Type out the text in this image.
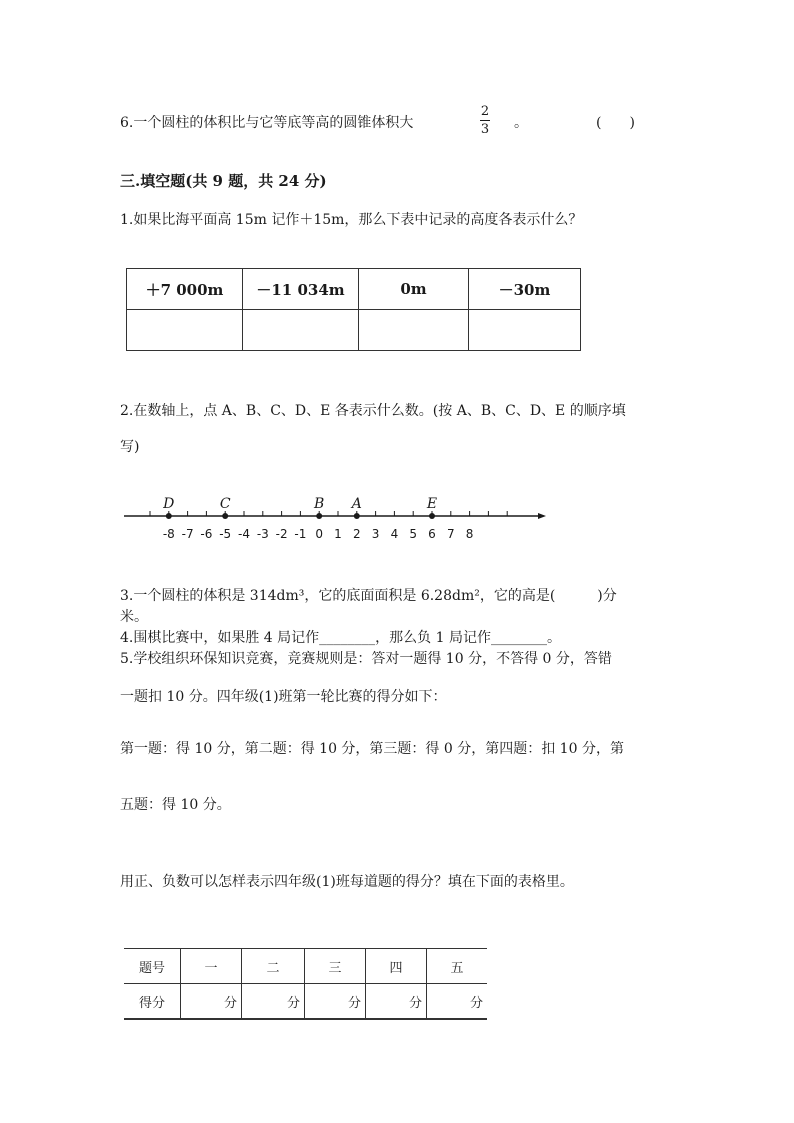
6.一个圆柱的体积比与它等底等高的圆锥体积大
2
3 。	(　　)
三.填空题(共 9 题，共 24 分)
1.如果比海平面高 15m 记作＋15m，那么下表中记录的高度各表示什么？
＋7 000m	－11 034m	0m	－30m

2.在数轴上，点 A、B、C、D、E 各表示什么数。(按 A、B、C、D、E 的顺序填
写)
-8 -7 -6 -5 -4 -3 -2 -1 0 1 2 3 4 5 6 7 8
D	C	B A	E
3.一个圆柱的体积是 314dm³，它的底面面积是 6.28dm²，它的高是(　　　)分
米。
4.围棋比赛中，如果胜 4 局记作________，那么负 1 局记作________。
5.学校组织环保知识竞赛，竞赛规则是：答对一题得 10 分，不答得 0 分，答错
一题扣 10 分。四年级(1)班第一轮比赛的得分如下：
第一题：得 10 分，第二题：得 10 分，第三题：得 0 分，第四题：扣 10 分，第
五题：得 10 分。
用正、负数可以怎样表示四年级(1)班每道题的得分？填在下面的表格里。
题号	一	二	三	四	五
得分	分	分	分	分	分
